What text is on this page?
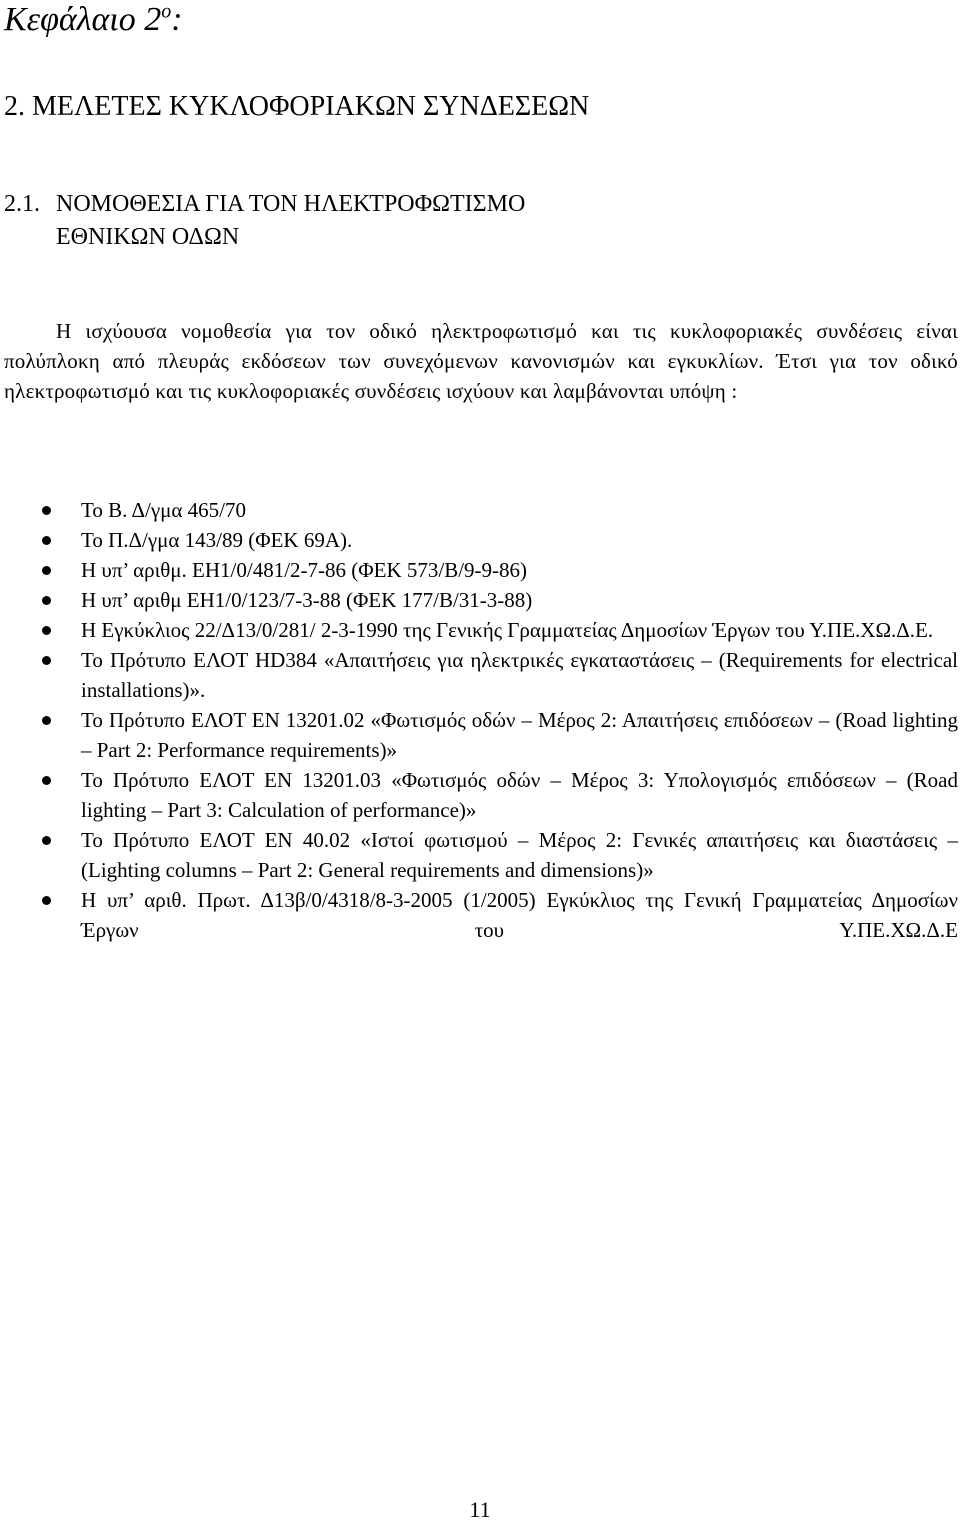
Κεφάλαιο $2^o$:
2. ΜΕΛΕΤΕΣ ΚΥΚΛΟΦΟΡΙΑΚΩΝ ΣΥΝΔΕΣΕΩΝ
2.1. ΝΟΜΟΘΕΣΙΑ ΓΙΑ ΤΟΝ ΗΛΕΚΤΡΟΦΩΤΙΣΜΟ
ΕΘΝΙΚΩΝ ΟΔΩΝ
Η ισχύουσα νομοθεσία για τον οδικό ηλεκτροφωτισμό και τις κυκλοφοριακές συνδέσεις είναι πολύπλοκη από πλευράς εκδόσεων των συνεχόμενων κανονισμών και εγκυκλίων. Έτσι για τον οδικό ηλεκτροφωτισμό και τις κυκλοφοριακές συνδέσεις ισχύουν και λαμβάνονται υπόψη :
Το Β. Δ/γμα 465/70
Το Π.Δ/γμα 143/89 (ΦΕΚ 69Α).
Η υπ’ αριθμ. ΕΗ1/0/481/2-7-86 (ΦΕΚ 573/Β/9-9-86)
Η υπ’ αριθμ ΕΗ1/0/123/7-3-88 (ΦΕΚ 177/Β/31-3-88)
Η Εγκύκλιος 22/Δ13/0/281/ 2-3-1990 της Γενικής Γραμματείας Δημοσίων Έργων του Υ.ΠΕ.ΧΩ.Δ.Ε.
Το Πρότυπο ΕΛΟΤ HD384 «Απαιτήσεις για ηλεκτρικές εγκαταστάσεις – (Requirements for electrical installations)».
Το Πρότυπο ΕΛΟΤ EN 13201.02 «Φωτισμός οδών – Μέρος 2: Απαιτήσεις επιδόσεων – (Road lighting – Part 2: Performance requirements)»
Το Πρότυπο ΕΛΟΤ EN 13201.03 «Φωτισμός οδών – Μέρος 3: Υπολογισμός επιδόσεων – (Road lighting – Part 3: Calculation of performance)»
Το Πρότυπο ΕΛΟΤ EN 40.02 «Ιστοί φωτισμού – Μέρος 2: Γενικές απαιτήσεις και διαστάσεις – (Lighting columns – Part 2: General requirements and dimensions)»
Η υπ’ αριθ. Πρωτ. Δ13β/0/4318/8-3-2005 (1/2005) Εγκύκλιος της Γενική Γραμματείας Δημοσίων Έργων του Υ.ΠΕ.ΧΩ.Δ.Ε
11
